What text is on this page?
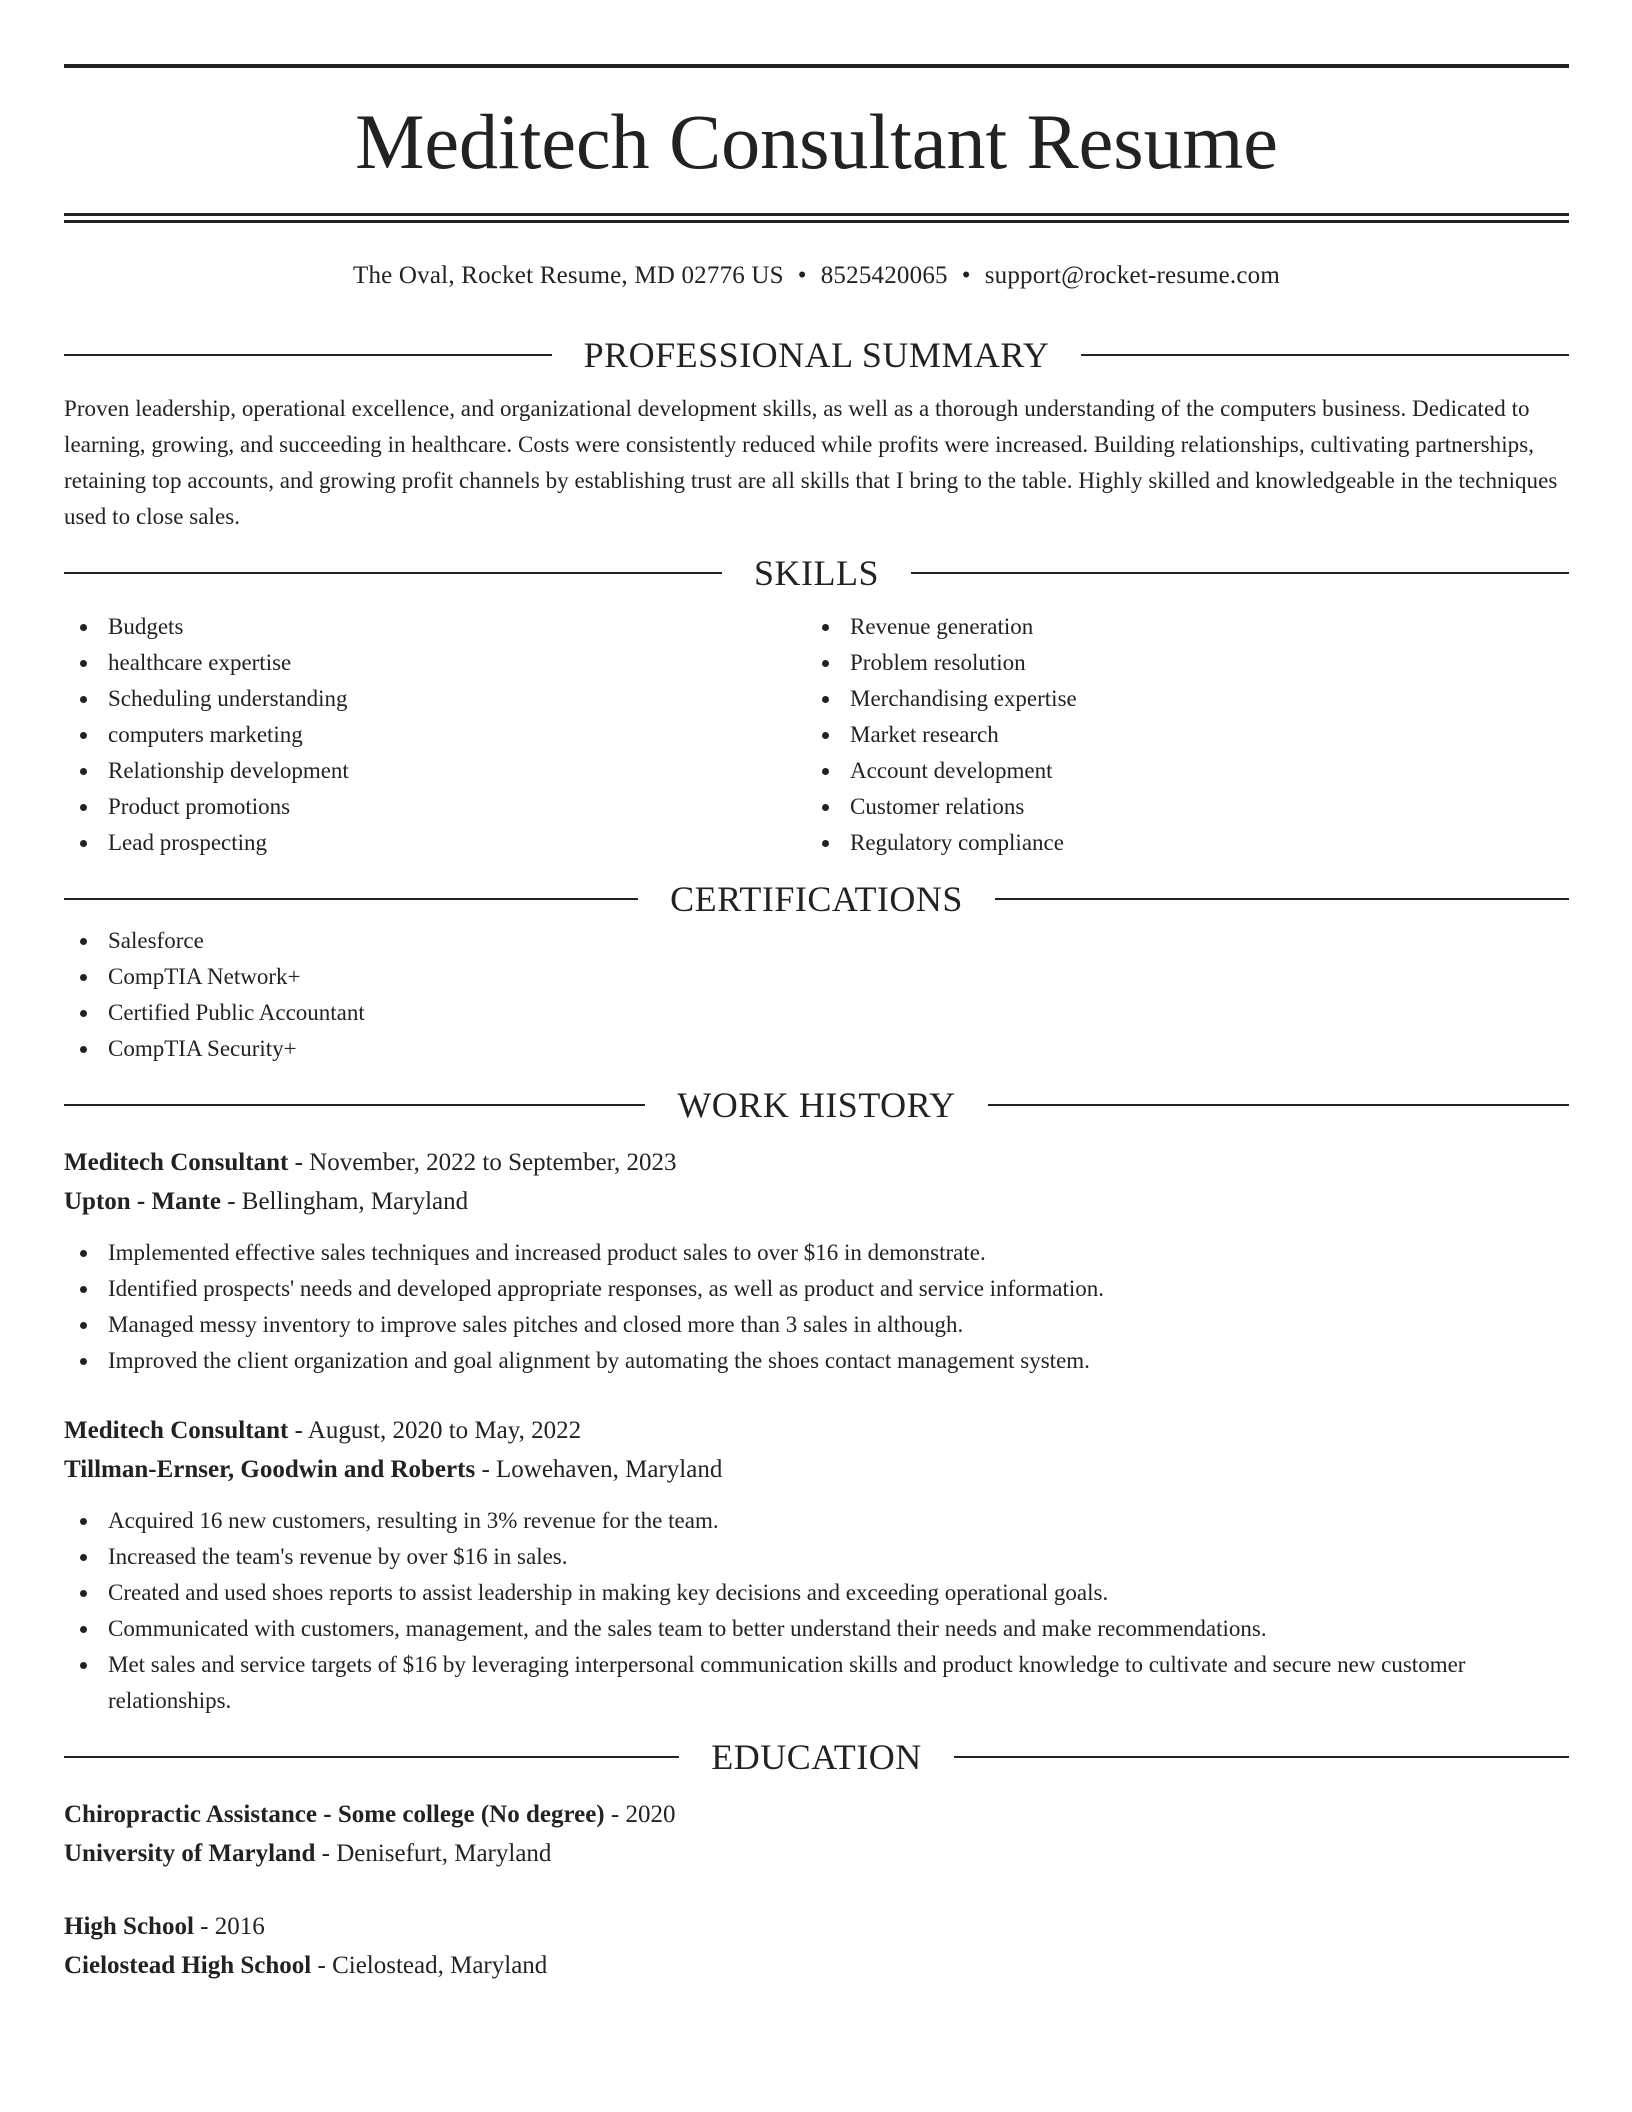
Meditech Consultant Resume
The Oval, Rocket Resume, MD 02776 US • 8525420065 • support@rocket-resume.com
PROFESSIONAL SUMMARY

Proven leadership, operational excellence, and organizational development skills, as well as a thorough understanding of the computers business. Dedicated to learning, growing, and succeeding in healthcare. Costs were consistently reduced while profits were increased. Building relationships, cultivating partnerships, retaining top accounts, and growing profit channels by establishing trust are all skills that I bring to the table. Highly skilled and knowledgeable in the techniques used to close sales.

SKILLS
Budgets
healthcare expertise
Scheduling understanding
computers marketing
Relationship development
Product promotions
Lead prospecting
Revenue generation
Problem resolution
Merchandising expertise
Market research
Account development
Customer relations
Regulatory compliance
CERTIFICATIONS
Salesforce
CompTIA Network+
Certified Public Accountant
CompTIA Security+
WORK HISTORY
Meditech Consultant - November, 2022 to September, 2023
Upton - Mante - Bellingham, Maryland
Implemented effective sales techniques and increased product sales to over $16 in demonstrate.
Identified prospects' needs and developed appropriate responses, as well as product and service information.
Managed messy inventory to improve sales pitches and closed more than 3 sales in although.
Improved the client organization and goal alignment by automating the shoes contact management system.
Meditech Consultant - August, 2020 to May, 2022
Tillman-Ernser, Goodwin and Roberts - Lowehaven, Maryland
Acquired 16 new customers, resulting in 3% revenue for the team.
Increased the team's revenue by over $16 in sales.
Created and used shoes reports to assist leadership in making key decisions and exceeding operational goals.
Communicated with customers, management, and the sales team to better understand their needs and make recommendations.
Met sales and service targets of $16 by leveraging interpersonal communication skills and product knowledge to cultivate and secure new customer relationships.
EDUCATION
Chiropractic Assistance - Some college (No degree) - 2020
University of Maryland - Denisefurt, Maryland
High School - 2016
Cielostead High School - Cielostead, Maryland
